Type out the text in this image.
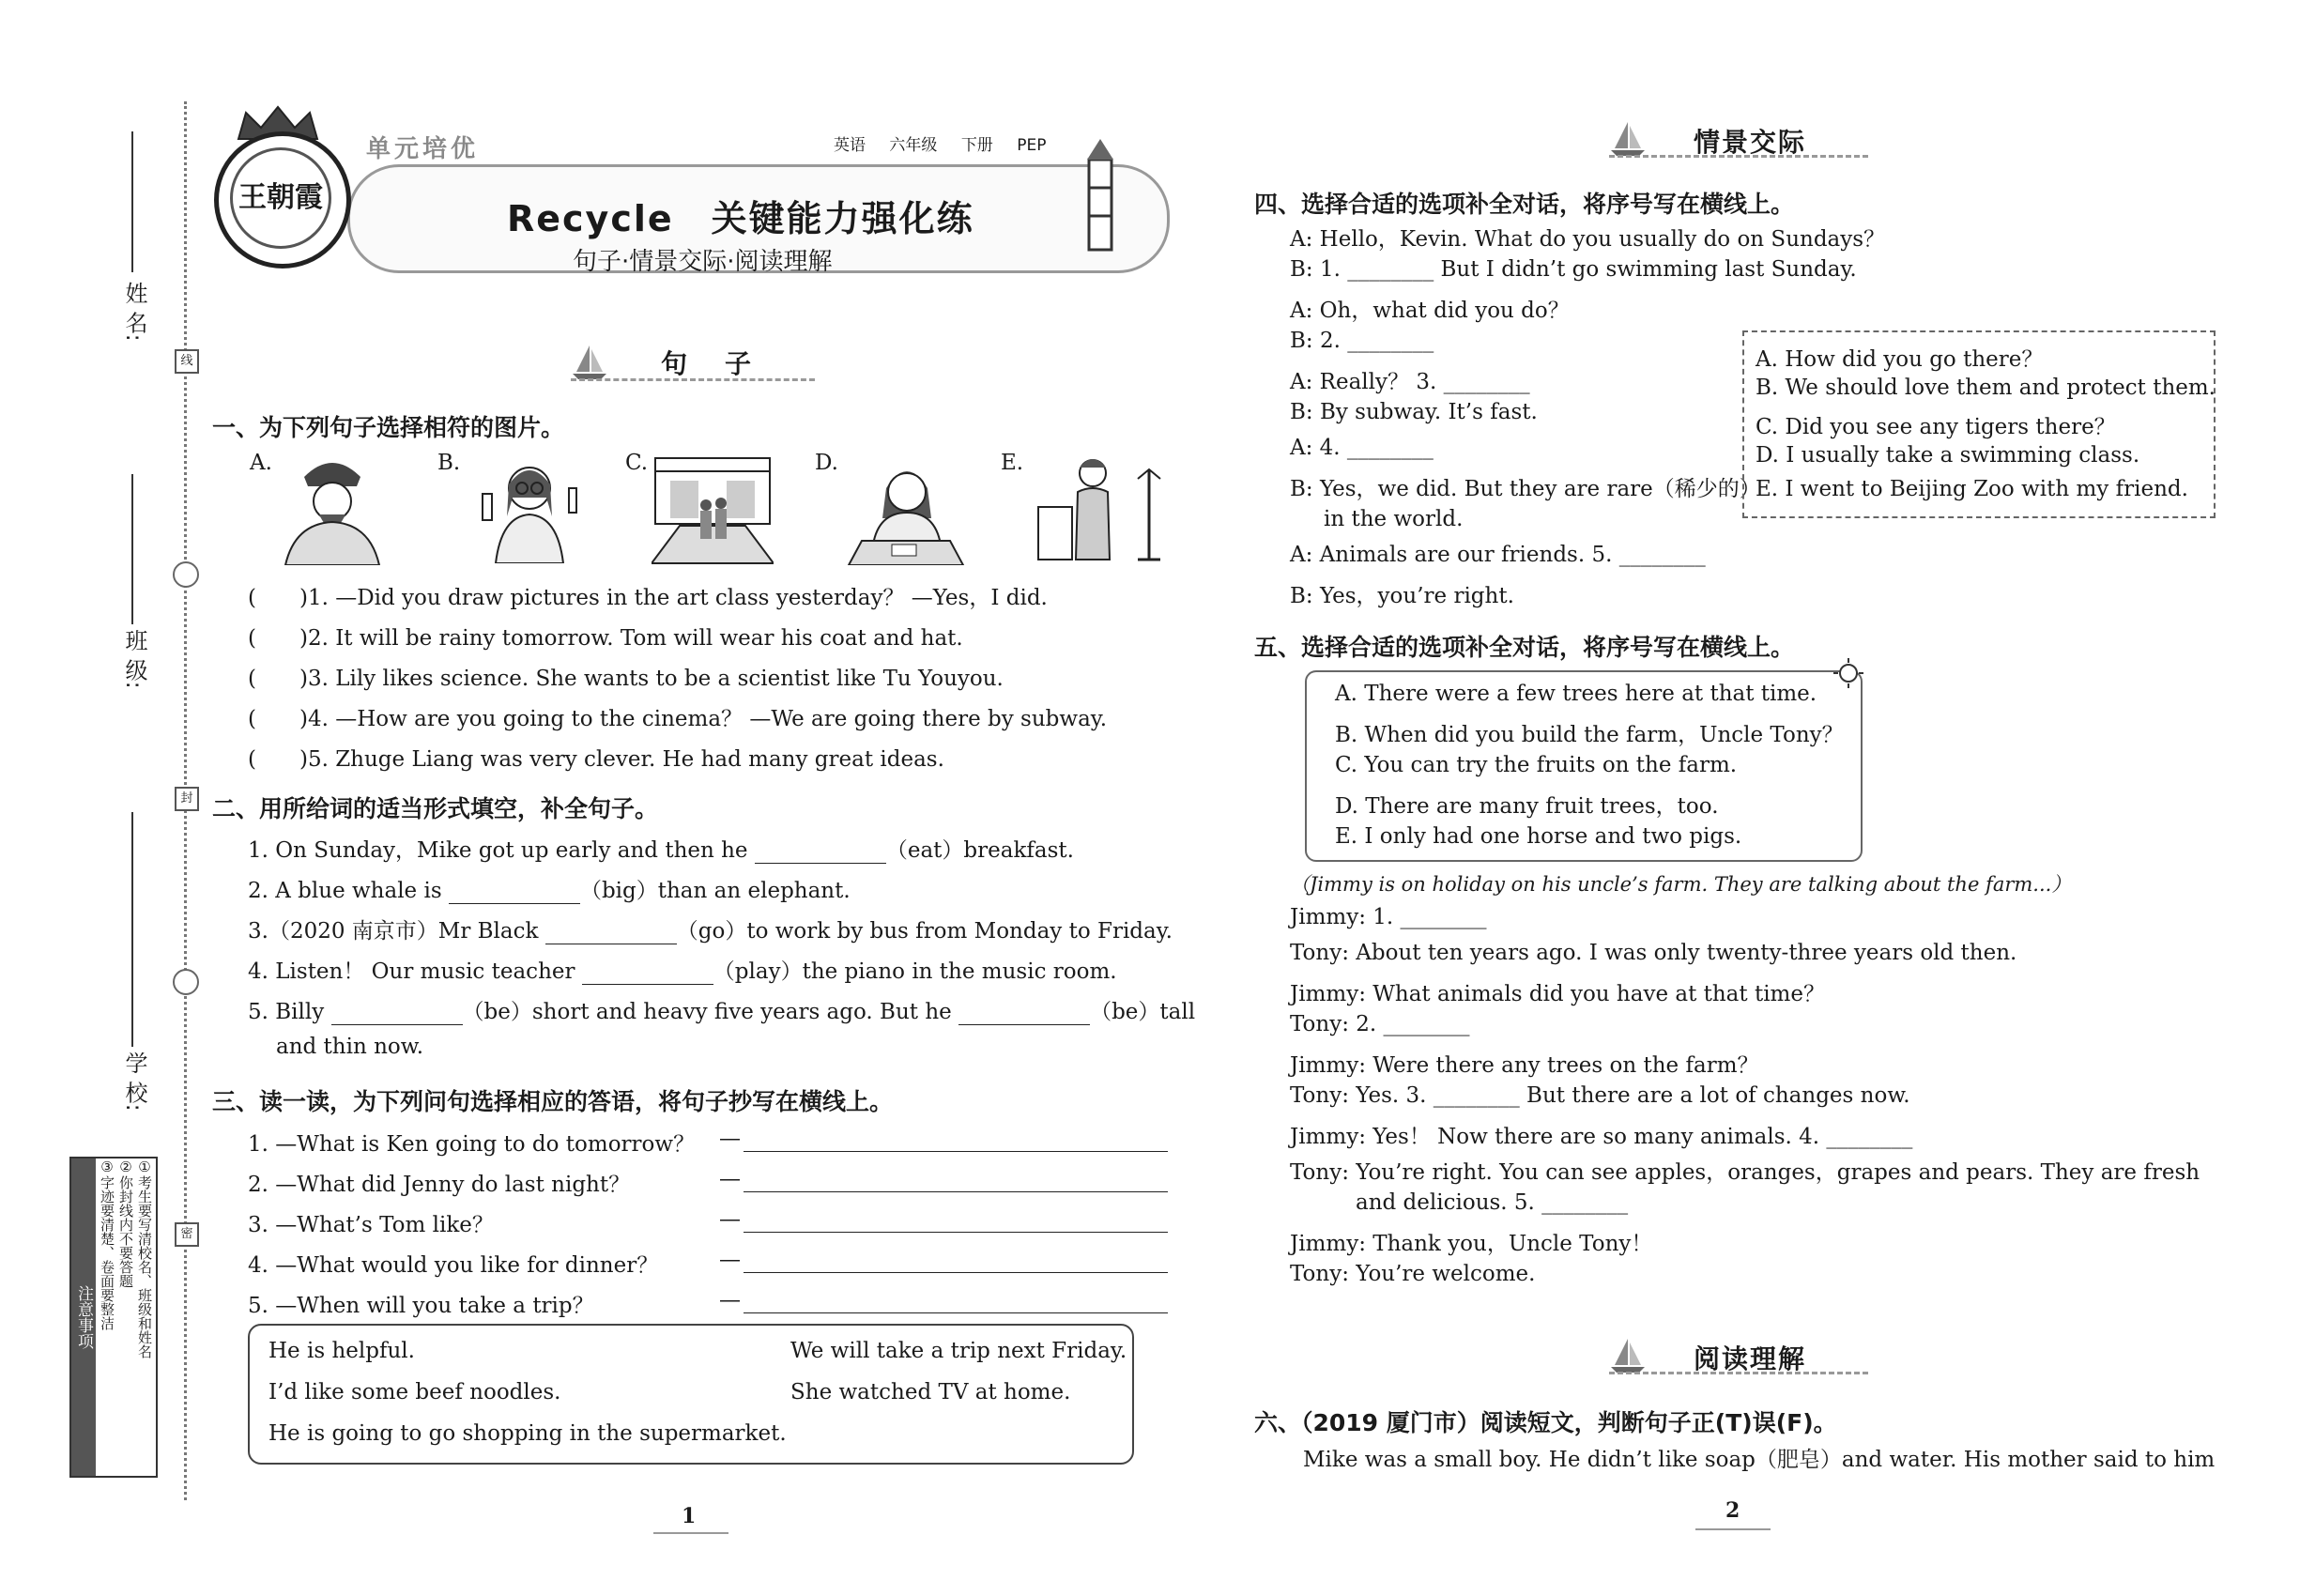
姓 名:
班 级:
学 校:
线
封
密
注意事项	①考生要写清校名、班级和姓名
②你封线内不要答题
③字迹要清楚、卷面要整洁
王朝霞
单元培优	英语 六年级 下册 PEP
Recycle　关键能力强化练
句子·情景交际·阅读理解
句　子
一、为下列句子选择相符的图片。
A.	B.	C.	D.	E.
(　　)1. —Did you draw pictures in the art class yesterday？ —Yes，I did.
(　　)2. It will be rainy tomorrow. Tom will wear his coat and hat.
(　　)3. Lily likes science. She wants to be a scientist like Tu Youyou.
(　　)4. —How are you going to the cinema？ —We are going there by subway.
(　　)5. Zhuge Liang was very clever. He had many great ideas.
二、用所给词的适当形式填空，补全句子。
1. On Sunday，Mike got up early and then he	（eat）breakfast.
2. A blue whale is	（big）than an elephant.
3.（2020 南京市）Mr Black	（go）to work by bus from Monday to Friday.
4. Listen！ Our music teacher	（play）the piano in the music room.
5. Billy	（be）short and heavy five years ago. But he	（be）tall
and thin now.
三、读一读，为下列问句选择相应的答语，将句子抄写在横线上。
1. —What is Ken going to do tomorrow？
2. —What did Jenny do last night？
3. —What’s Tom like？
4. —What would you like for dinner？
5. —When will you take a trip？
—
—
—
—
—
He is helpful.	We will take a trip next Friday.
I’d like some beef noodles.	She watched TV at home.
He is going to go shopping in the supermarket.
1
情景交际
四、选择合适的选项补全对话，将序号写在横线上。
A: Hello，Kevin. What do you usually do on Sundays？
B: 1. ________ But I didn’t go swimming last Sunday.
A: Oh，what did you do？
B: 2. ________
A: Really？ 3. ________
B: By subway. It’s fast.
A: 4. ________
B: Yes，we did. But they are rare（稀少的）
in the world.
A: Animals are our friends. 5. ________
B: Yes，you’re right.
A. How did you go there？
B. We should love them and protect them.
C. Did you see any tigers there？
D. I usually take a swimming class.
E. I went to Beijing Zoo with my friend.
五、选择合适的选项补全对话，将序号写在横线上。
A. There were a few trees here at that time.
B. When did you build the farm，Uncle Tony？
C. You can try the fruits on the farm.
D. There are many fruit trees，too.
E. I only had one horse and two pigs.
（Jimmy is on holiday on his uncle’s farm. They are talking about the farm...）
Jimmy: 1. ________
Tony: About ten years ago. I was only twenty-three years old then.
Jimmy: What animals did you have at that time？
Tony: 2. ________
Jimmy: Were there any trees on the farm？
Tony: Yes. 3. ________ But there are a lot of changes now.
Jimmy: Yes！ Now there are so many animals. 4. ________
Tony: You’re right. You can see apples，oranges，grapes and pears. They are fresh
and delicious. 5. ________
Jimmy: Thank you，Uncle Tony！
Tony: You’re welcome.
阅读理解
六、（2019 厦门市）阅读短文，判断句子正(T)误(F)。
Mike was a small boy. He didn’t like soap（肥皂）and water. His mother said to him
2
